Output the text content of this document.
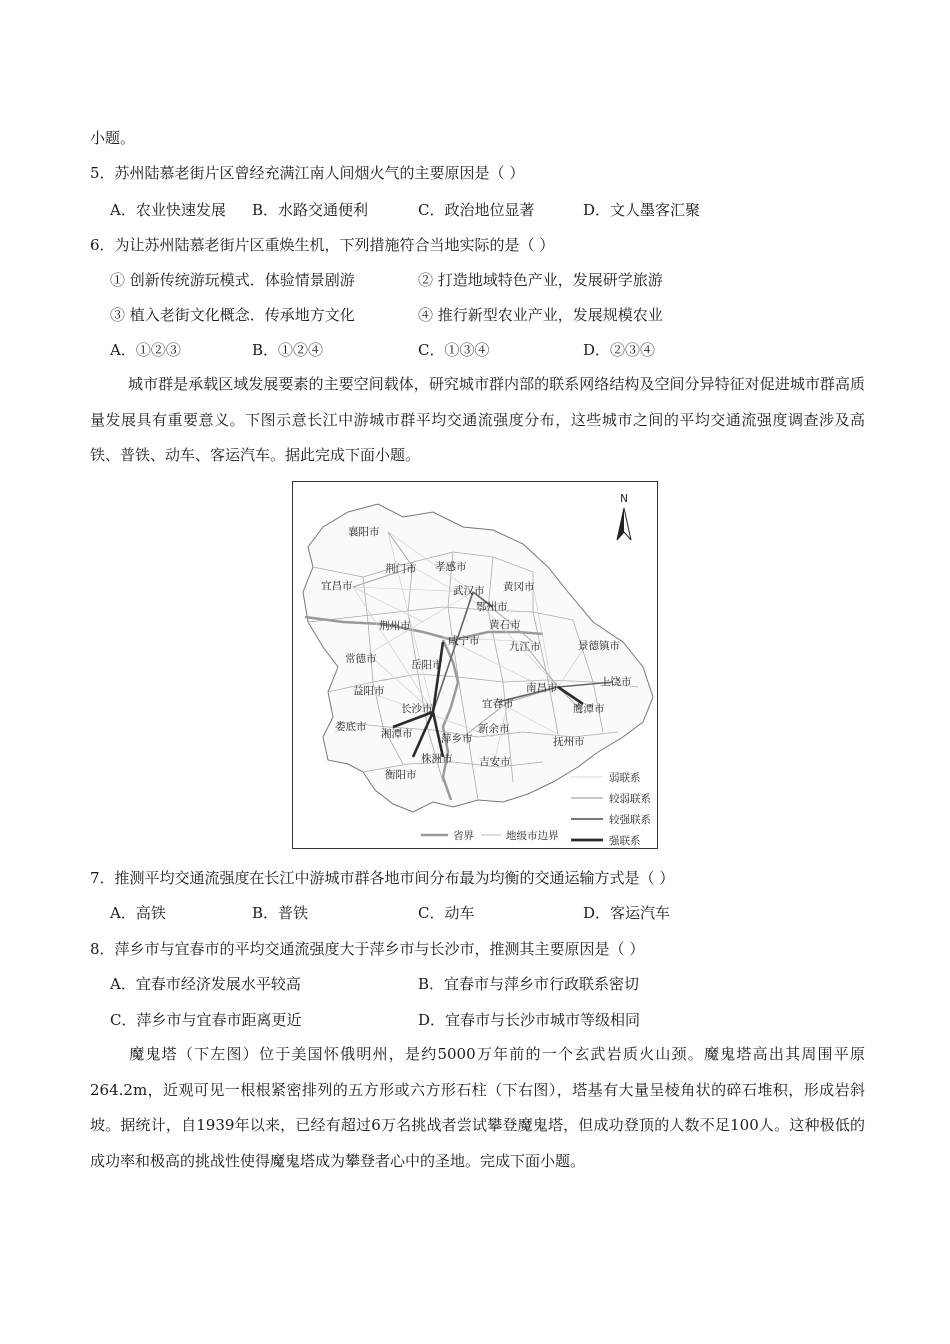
小题。
5．苏州陆慕老街片区曾经充满江南人间烟火气的主要原因是（ ）
A．农业快速发展 B．水路交通便利	C．政治地位显著	D．文人墨客汇聚
6．为让苏州陆慕老街片区重焕生机，下列措施符合当地实际的是（ ）
① 创新传统游玩模式．体验情景剧游	② 打造地域特色产业，发展研学旅游
③ 植入老街文化概念．传承地方文化	④ 推行新型农业产业，发展规模农业
A．①②③	B．①②④	C．①③④	D．②③④
城市群是承载区域发展要素的主要空间载体，研究城市群内部的联系网络结构及空间分异特征对促进城市群高质量发展具有重要意义。下图示意长江中游城市群平均交通流强度分布，这些城市之间的平均交通流强度调查涉及高铁、普铁、动车、客运汽车。据此完成下面小题。
N
襄阳市
荆门市 孝感市
宜昌市	武汉市 黄冈市
鄂州市
荆州市	黄石市
咸宁市	九江市	景德镇市
常德市	岳阳市
上饶市
益阳市	南昌市
鹰潭市
长沙市	宜春市
娄底市
湘潭市	新余市
抚州市
萍乡市
株洲市
衡阳市
吉安市
弱联系
较弱联系
较强联系
强联系
省界	地级市边界
7．推测平均交通流强度在长江中游城市群各地市间分布最为均衡的交通运输方式是（ ）
A．高铁	B．普铁	C．动车	D．客运汽车
8．萍乡市与宜春市的平均交通流强度大于萍乡市与长沙市，推测其主要原因是（ ）
A．宜春市经济发展水平较高	B．宜春市与萍乡市行政联系密切
C．萍乡市与宜春市距离更近	D．宜春市与长沙市城市等级相同
魔鬼塔（下左图）位于美国怀俄明州，是约5000万年前的一个玄武岩质火山颈。魔鬼塔高出其周围平原264.2m，近观可见一根根紧密排列的五方形或六方形石柱（下右图），塔基有大量呈棱角状的碎石堆积，形成岩斜坡。据统计，自1939年以来，已经有超过6万名挑战者尝试攀登魔鬼塔，但成功登顶的人数不足100人。这种极低的成功率和极高的挑战性使得魔鬼塔成为攀登者心中的圣地。完成下面小题。
